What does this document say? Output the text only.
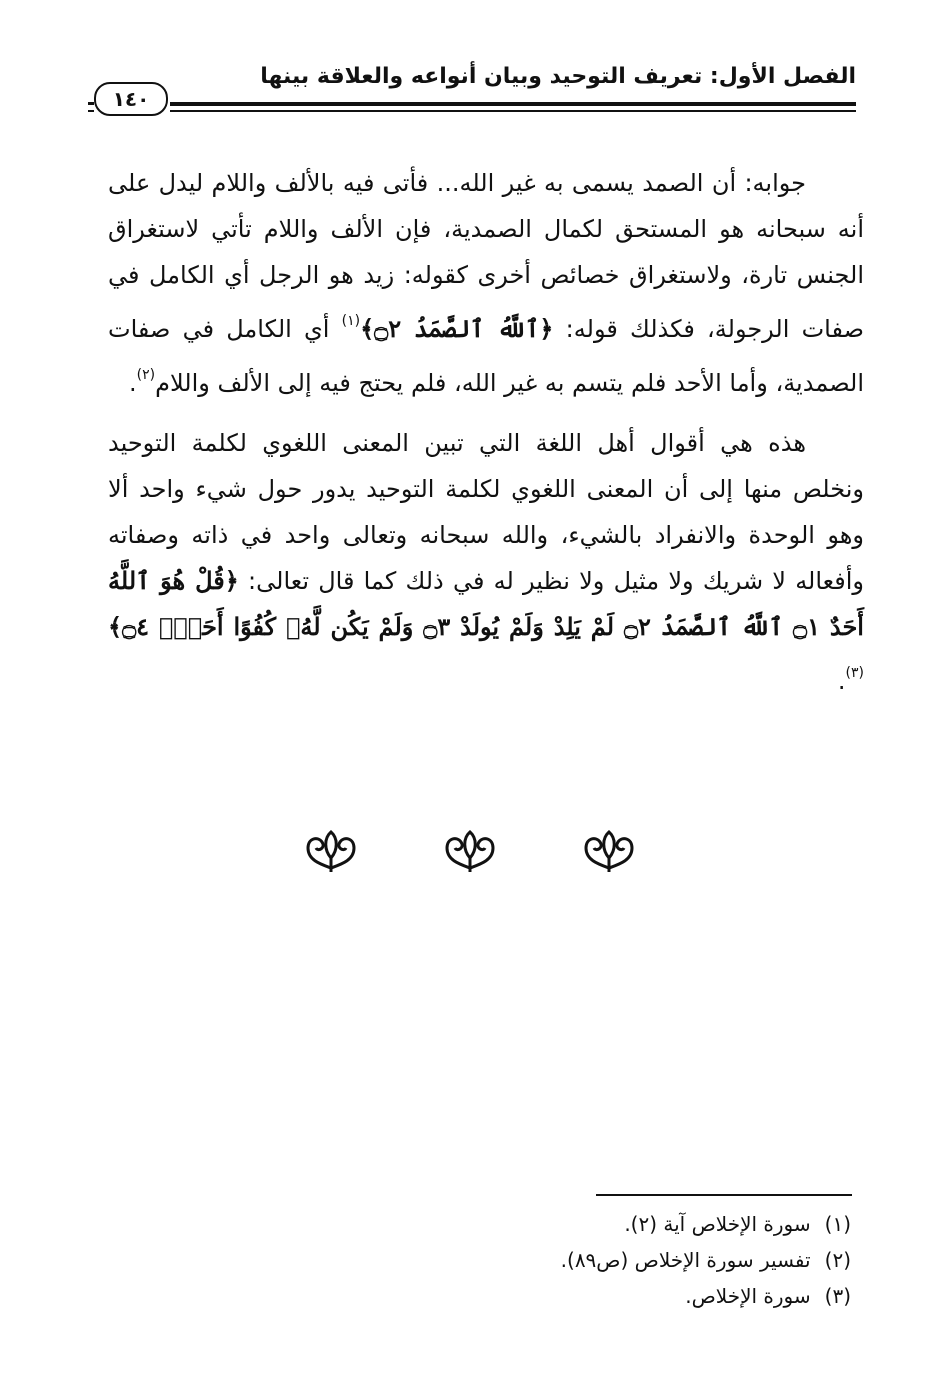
الفصل الأول: تعريف التوحيد وبيان أنواعه والعلاقة بينها
١٤٠
جوابه: أن الصمد يسمى به غير الله... فأتى فيه بالألف واللام ليدل على أنه سبحانه هو المستحق لكمال الصمدية، فإن الألف واللام تأتي لاستغراق الجنس تارة، ولاستغراق خصائص أخرى كقوله: زيد هو الرجل أي الكامل في صفات الرجولة، فكذلك قوله: ﴿ٱللَّهُ ٱلصَّمَدُ ۝٢﴾$^{(١)}$ أي الكامل في صفات الصمدية، وأما الأحد فلم يتسم به غير الله، فلم يحتج فيه إلى الألف واللام$^{(٢)}$.
هذه هي أقوال أهل اللغة التي تبين المعنى اللغوي لكلمة التوحيد ونخلص منها إلى أن المعنى اللغوي لكلمة التوحيد يدور حول شيء واحد ألا وهو الوحدة والانفراد بالشيء، والله سبحانه وتعالى واحد في ذاته وصفاته وأفعاله لا شريك ولا مثيل ولا نظير له في ذلك كما قال تعالى: ﴿قُلْ هُوَ ٱللَّهُ أَحَدٌ ۝١ ٱللَّهُ ٱلصَّمَدُ ۝٢ لَمْ يَلِدْ وَلَمْ يُولَدْ ۝٣ وَلَمْ يَكُن لَّهُۥ كُفُوًا أَحَدٌۢ ۝٤﴾$^{(٣)}$.
(١)سورة الإخلاص آية (٢).
(٢)تفسير سورة الإخلاص (ص٨٩).
(٣)سورة الإخلاص.
